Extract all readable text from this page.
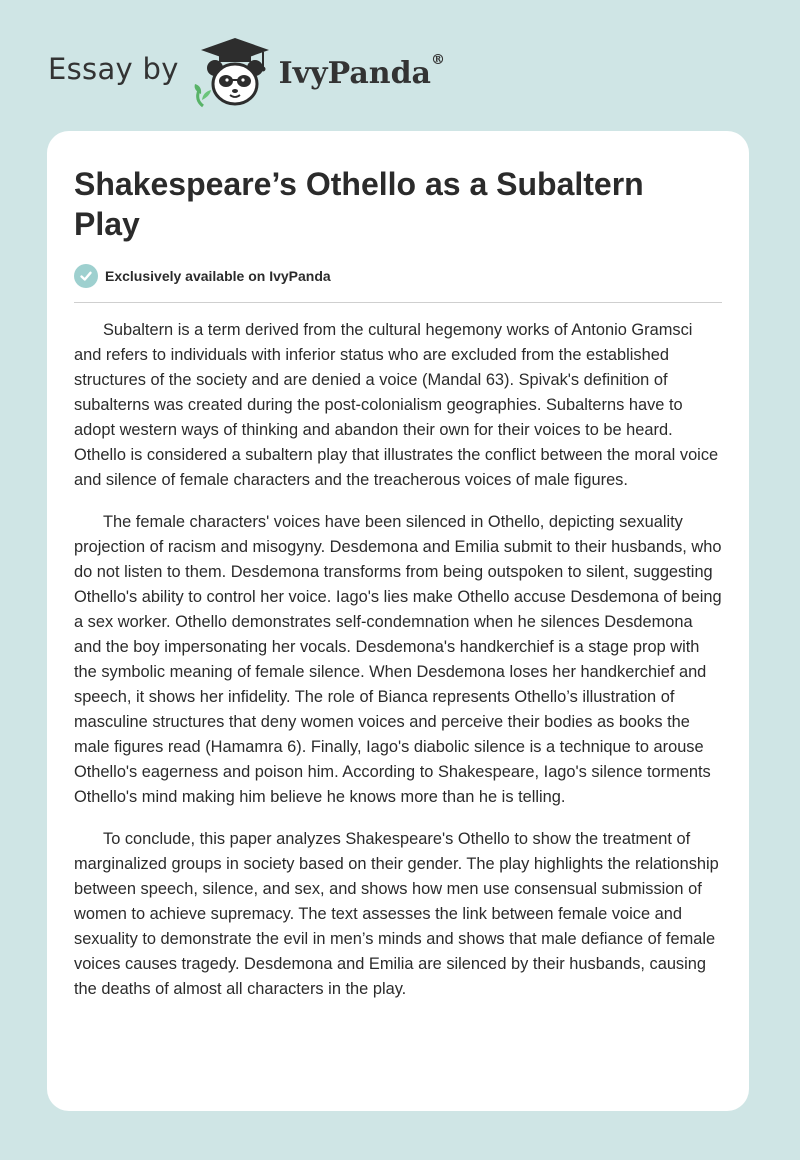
Essay by	IvyPanda®
Shakespeare’s Othello as a Subaltern Play
Exclusively available on IvyPanda

Subaltern is a term derived from the cultural hegemony works of Antonio Gramsci and refers to individuals with inferior status who are excluded from the established structures of the society and are denied a voice (Mandal 63). Spivak's definition of subalterns was created during the post-colonialism geographies. Subalterns have to adopt western ways of thinking and abandon their own for their voices to be heard. Othello is considered a subaltern play that illustrates the conflict between the moral voice and silence of female characters and the treacherous voices of male figures.

The female characters' voices have been silenced in Othello, depicting sexuality projection of racism and misogyny. Desdemona and Emilia submit to their husbands, who do not listen to them. Desdemona transforms from being outspoken to silent, suggesting Othello's ability to control her voice. Iago's lies make Othello accuse Desdemona of being a sex worker. Othello demonstrates self-condemnation when he silences Desdemona and the boy impersonating her vocals. Desdemona's handkerchief is a stage prop with the symbolic meaning of female silence. When Desdemona loses her handkerchief and speech, it shows her infidelity. The role of Bianca represents Othello’s illustration of masculine structures that deny women voices and perceive their bodies as books the male figures read (Hamamra 6). Finally, Iago's diabolic silence is a technique to arouse Othello's eagerness and poison him. According to Shakespeare, Iago's silence torments Othello's mind making him believe he knows more than he is telling.

To conclude, this paper analyzes Shakespeare's Othello to show the treatment of marginalized groups in society based on their gender. The play highlights the relationship between speech, silence, and sex, and shows how men use consensual submission of women to achieve supremacy. The text assesses the link between female voice and sexuality to demonstrate the evil in men’s minds and shows that male defiance of female voices causes tragedy. Desdemona and Emilia are silenced by their husbands, causing the deaths of almost all characters in the play.
